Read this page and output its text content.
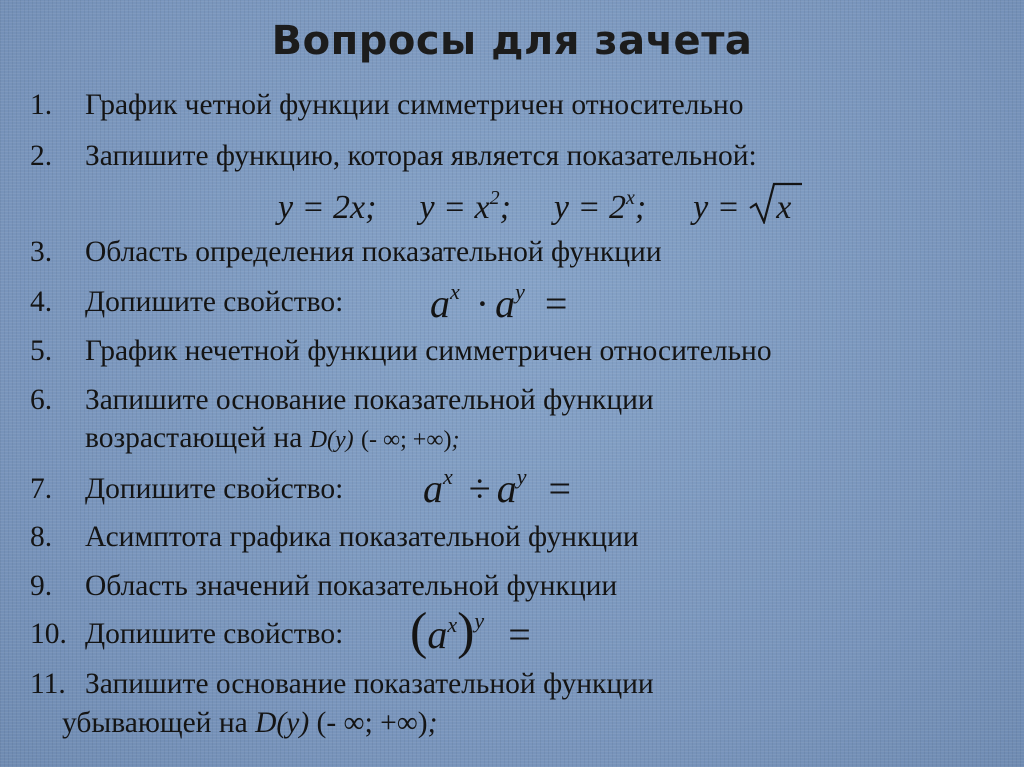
Вопросы для зачета
1. График четной функции симметричен относительно
2. Запишите функцию, которая является показательной:
y = 2x; $y = x^2$; $y = 2^x$; y = x
3. Область определения показательной функции
4. Допишите свойство: $a^x \cdot a^y$ =
5. График нечетной функции симметричен относительно
6. Запишите основание показательной функции
возрастающей на D(y) (- ∞; +∞);
7. Допишите свойство: $a^x \div a^y$ =
8. Асимптота графика показательной функции
9. Область значений показательной функции
10. Допишите свойство: $(a^x)^y$ =
11. Запишите основание показательной функции
убывающей на D(y) (- ∞; +∞);
